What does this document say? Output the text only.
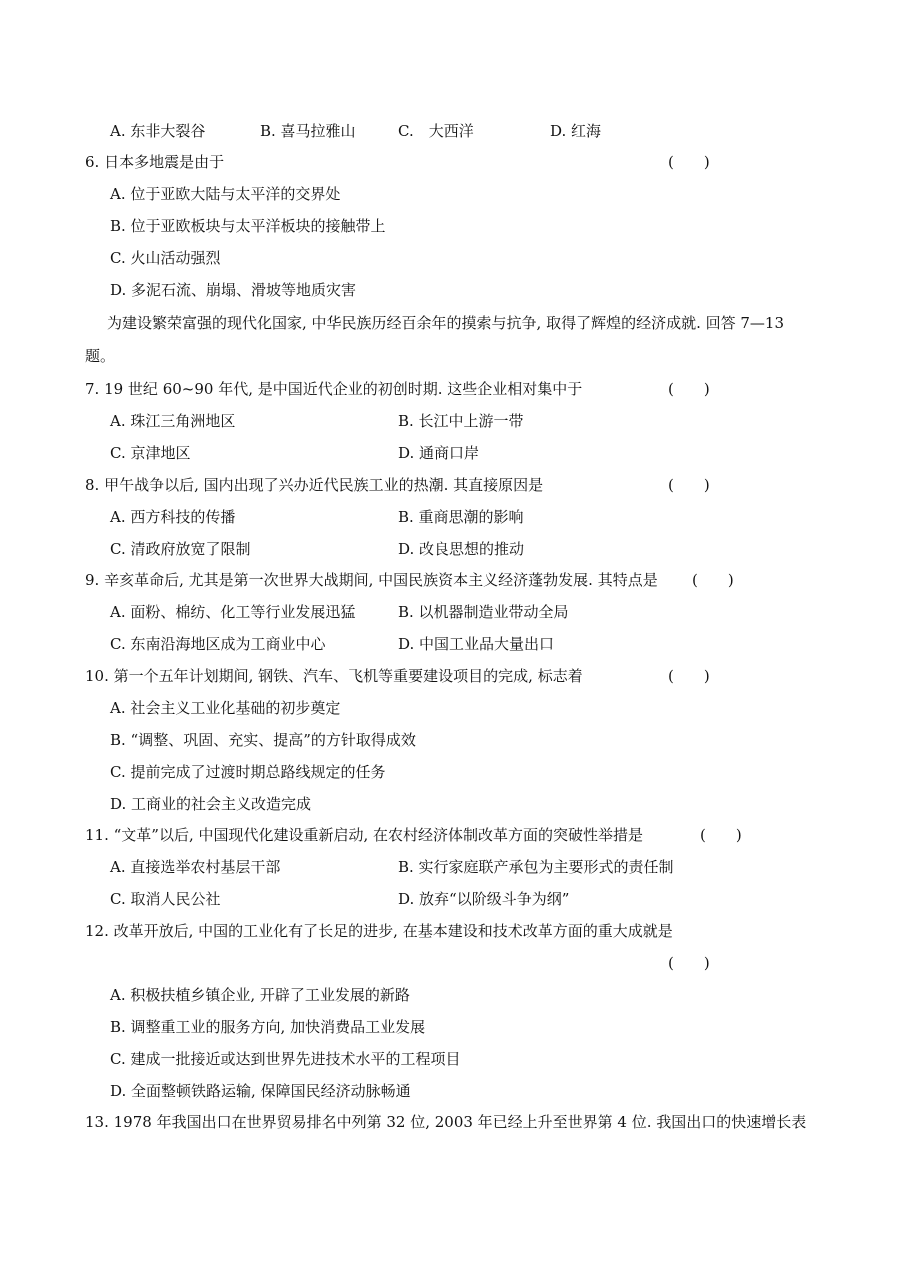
A. 东非大裂谷	B. 喜马拉雅山	C.　大西洋	D. 红海
6. 日本多地震是由于	(　　)
A. 位于亚欧大陆与太平洋的交界处
B. 位于亚欧板块与太平洋板块的接触带上
C. 火山活动强烈
D. 多泥石流、崩塌、滑坡等地质灾害
为建设繁荣富强的现代化国家, 中华民族历经百余年的摸索与抗争, 取得了辉煌的经济成就. 回答 7—13
题。
7. 19 世纪 60~90 年代, 是中国近代企业的初创时期. 这些企业相对集中于	(　　)
A. 珠江三角洲地区	B. 长江中上游一带
C. 京津地区	D. 通商口岸
8. 甲午战争以后, 国内出现了兴办近代民族工业的热潮. 其直接原因是	(　　)
A. 西方科技的传播	B. 重商思潮的影响
C. 清政府放宽了限制	D. 改良思想的推动
9. 辛亥革命后, 尤其是第一次世界大战期间, 中国民族资本主义经济蓬勃发展. 其特点是 (　　)
A. 面粉、棉纺、化工等行业发展迅猛	B. 以机器制造业带动全局
C. 东南沿海地区成为工商业中心	D. 中国工业品大量出口
10. 第一个五年计划期间, 钢铁、汽车、飞机等重要建设项目的完成, 标志着	(　　)
A. 社会主义工业化基础的初步奠定
B. “调整、巩固、充实、提高”的方针取得成效
C. 提前完成了过渡时期总路线规定的任务
D. 工商业的社会主义改造完成
11. “文革”以后, 中国现代化建设重新启动, 在农村经济体制改革方面的突破性举措是	(　　)
A. 直接选举农村基层干部	B. 实行家庭联产承包为主要形式的责任制
C. 取消人民公社	D. 放弃“以阶级斗争为纲”
12. 改革开放后, 中国的工业化有了长足的进步, 在基本建设和技术改革方面的重大成就是
(　　)
A. 积极扶植乡镇企业, 开辟了工业发展的新路
B. 调整重工业的服务方向, 加快消费品工业发展
C. 建成一批接近或达到世界先进技术水平的工程项目
D. 全面整顿铁路运输, 保障国民经济动脉畅通
13. 1978 年我国出口在世界贸易排名中列第 32 位, 2003 年已经上升至世界第 4 位. 我国出口的快速增长表
